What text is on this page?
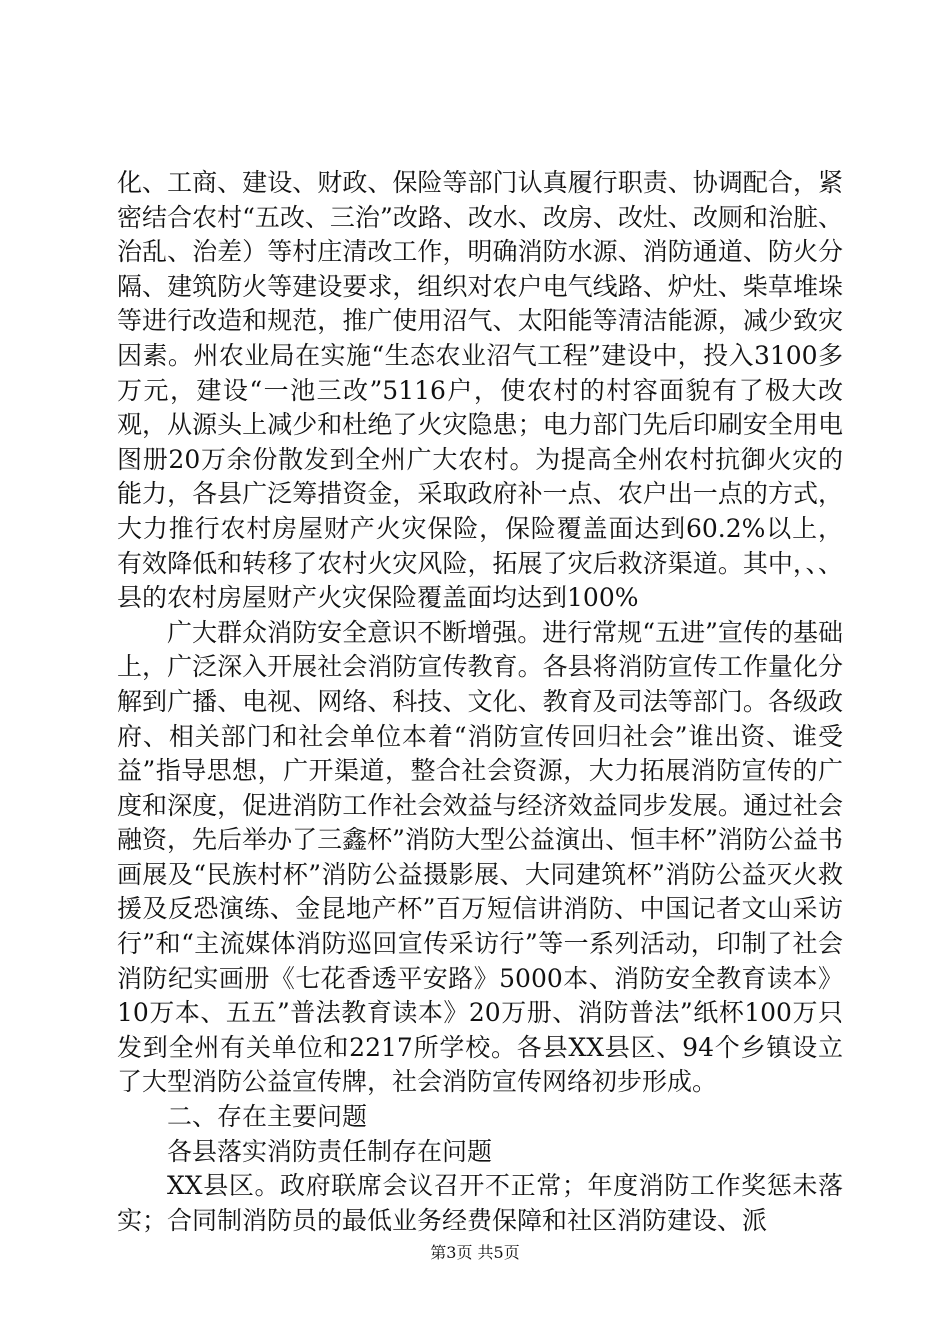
化、工商、建设、财政、保险等部门认真履行职责、协调配合，紧密结合农村“五改、三治”改路、改水、改房、改灶、改厕和治脏、治乱、治差）等村庄清改工作，明确消防水源、消防通道、防火分隔、建筑防火等建设要求，组织对农户电气线路、炉灶、柴草堆垛等进行改造和规范，推广使用沼气、太阳能等清洁能源，减少致灾因素。州农业局在实施“生态农业沼气工程”建设中，投入3100多万元，建设“一池三改”5116户，使农村的村容面貌有了极大改观，从源头上减少和杜绝了火灾隐患；电力部门先后印刷安全用电图册20万余份散发到全州广大农村。为提高全州农村抗御火灾的能力，各县广泛筹措资金，采取政府补一点、农户出一点的方式，大力推行农村房屋财产火灾保险，保险覆盖面达到60.2%以上，有效降低和转移了农村火灾风险，拓展了灾后救济渠道。其中，、、县的农村房屋财产火灾保险覆盖面均达到100%

广大群众消防安全意识不断增强。进行常规“五进”宣传的基础上，广泛深入开展社会消防宣传教育。各县将消防宣传工作量化分解到广播、电视、网络、科技、文化、教育及司法等部门。各级政府、相关部门和社会单位本着“消防宣传回归社会”谁出资、谁受益”指导思想，广开渠道，整合社会资源，大力拓展消防宣传的广度和深度，促进消防工作社会效益与经济效益同步发展。通过社会融资，先后举办了三鑫杯”消防大型公益演出、恒丰杯”消防公益书画展及“民族村杯”消防公益摄影展、大同建筑杯”消防公益灭火救援及反恐演练、金昆地产杯”百万短信讲消防、中国记者文山采访行”和“主流媒体消防巡回宣传采访行”等一系列活动，印制了社会消防纪实画册《七花香透平安路》5000本、消防安全教育读本》10万本、五五”普法教育读本》20万册、消防普法”纸杯100万只发到全州有关单位和2217所学校。各县XX县区、94个乡镇设立了大型消防公益宣传牌，社会消防宣传网络初步形成。

二、存在主要问题

各县落实消防责任制存在问题

XX县区。政府联席会议召开不正常；年度消防工作奖惩未落实；合同制消防员的最低业务经费保障和社区消防建设、派

第3页 共5页
